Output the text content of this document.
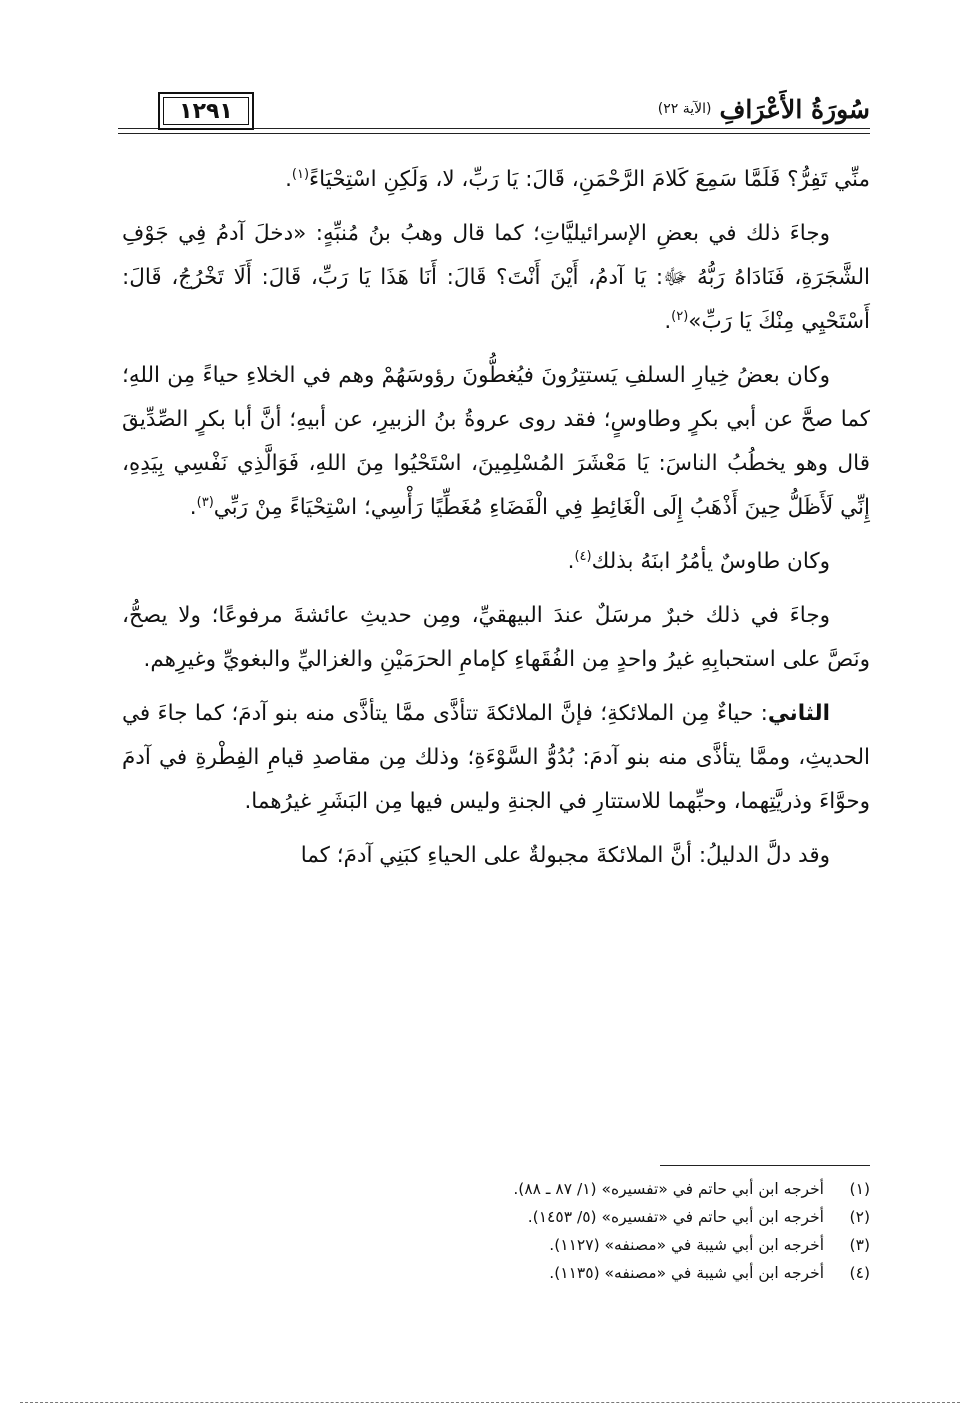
١٢٩١	سُورَةُ الأَعْرَافِ
(الآية ٢٢)

منِّي تَفِرُّ؟ فَلَمَّا سَمِعَ كَلامَ الرَّحْمَنِ، قَالَ: يَا رَبِّ، لا، وَلَكِنِ اسْتِحْيَاءً$^{(١)}$.

وجاءَ ذلك في بعضِ الإسرائيليَّاتِ؛ كما قال وهبُ بنُ مُنبِّهٍ: «دخلَ آدمُ فِي جَوْفِ الشَّجَرَةِ، فَنَادَاهُ رَبُّهُ ﷻ: يَا آدمُ، أَيْنَ أَنْتَ؟ قَالَ: أَنَا هَذَا يَا رَبِّ، قَالَ: أَلَا تَخْرُجُ، قَالَ: أَسْتَحْيِي مِنْكَ يَا رَبِّ»$^{(٢)}$.

وكان بعضُ خِيارِ السلفِ يَستتِرُونَ فيُغطُّونَ رؤوسَهُمْ وهم في الخلاءِ حياءً مِن اللهِ؛ كما صحَّ عن أبي بكرٍ وطاوسٍ؛ فقد روى عروةُ بنُ الزبيرِ، عن أبيهِ؛ أنَّ أبا بكرٍ الصِّدِّيقَ قال وهو يخطُبُ الناسَ: يَا مَعْشَرَ المُسْلِمِينَ، اسْتَحْيُوا مِنَ اللهِ، فَوَالَّذِي نَفْسِي بِيَدِهِ، إِنِّي لَأَظَلُّ حِينَ أَذْهَبُ إِلَى الْغَائِطِ فِي الْفَضَاءِ مُغَطِّيًا رَأْسِي؛ اسْتِحْيَاءً مِنْ رَبِّي$^{(٣)}$.

وكان طاوسٌ يأمُرُ ابنَهُ بذلك$^{(٤)}$.

وجاءَ في ذلك خبرٌ مرسَلٌ عندَ البيهقيِّ، ومِن حديثِ عائشةَ مرفوعًا؛ ولا يصحُّ، ونَصَّ على استحبابِهِ غيرُ واحدٍ مِن الفُقَهاءِ كإمامِ الحرَمَيْنِ والغزاليِّ والبغويِّ وغيرِهم.

الثاني: حياءٌ مِن الملائكةِ؛ فإنَّ الملائكةَ تتأذَّى ممَّا يتأذَّى منه بنو آدمَ؛ كما جاءَ في الحديثِ، وممَّا يتأذَّى منه بنو آدمَ: بُدُوُّ السَّوْءَةِ؛ وذلك مِن مقاصدِ قيامِ الفِطْرةِ في آدمَ وحوَّاءَ وذريَّتِهما، وحبِّهما للاستتارِ في الجنةِ وليس فيها مِن البَشَرِ غيرُهما.

وقد دلَّ الدليلُ: أنَّ الملائكةَ مجبولةٌ على الحياءِ كبَنِي آدمَ؛ كما

(١)
أخرجه ابن أبي حاتم في «تفسيره» (١/ ٨٧ ـ ٨٨).
(٢)
أخرجه ابن أبي حاتم في «تفسيره» (٥/ ١٤٥٣).
(٣)
أخرجه ابن أبي شيبة في «مصنفه» (١١٢٧).
(٤)
أخرجه ابن أبي شيبة في «مصنفه» (١١٣٥).
